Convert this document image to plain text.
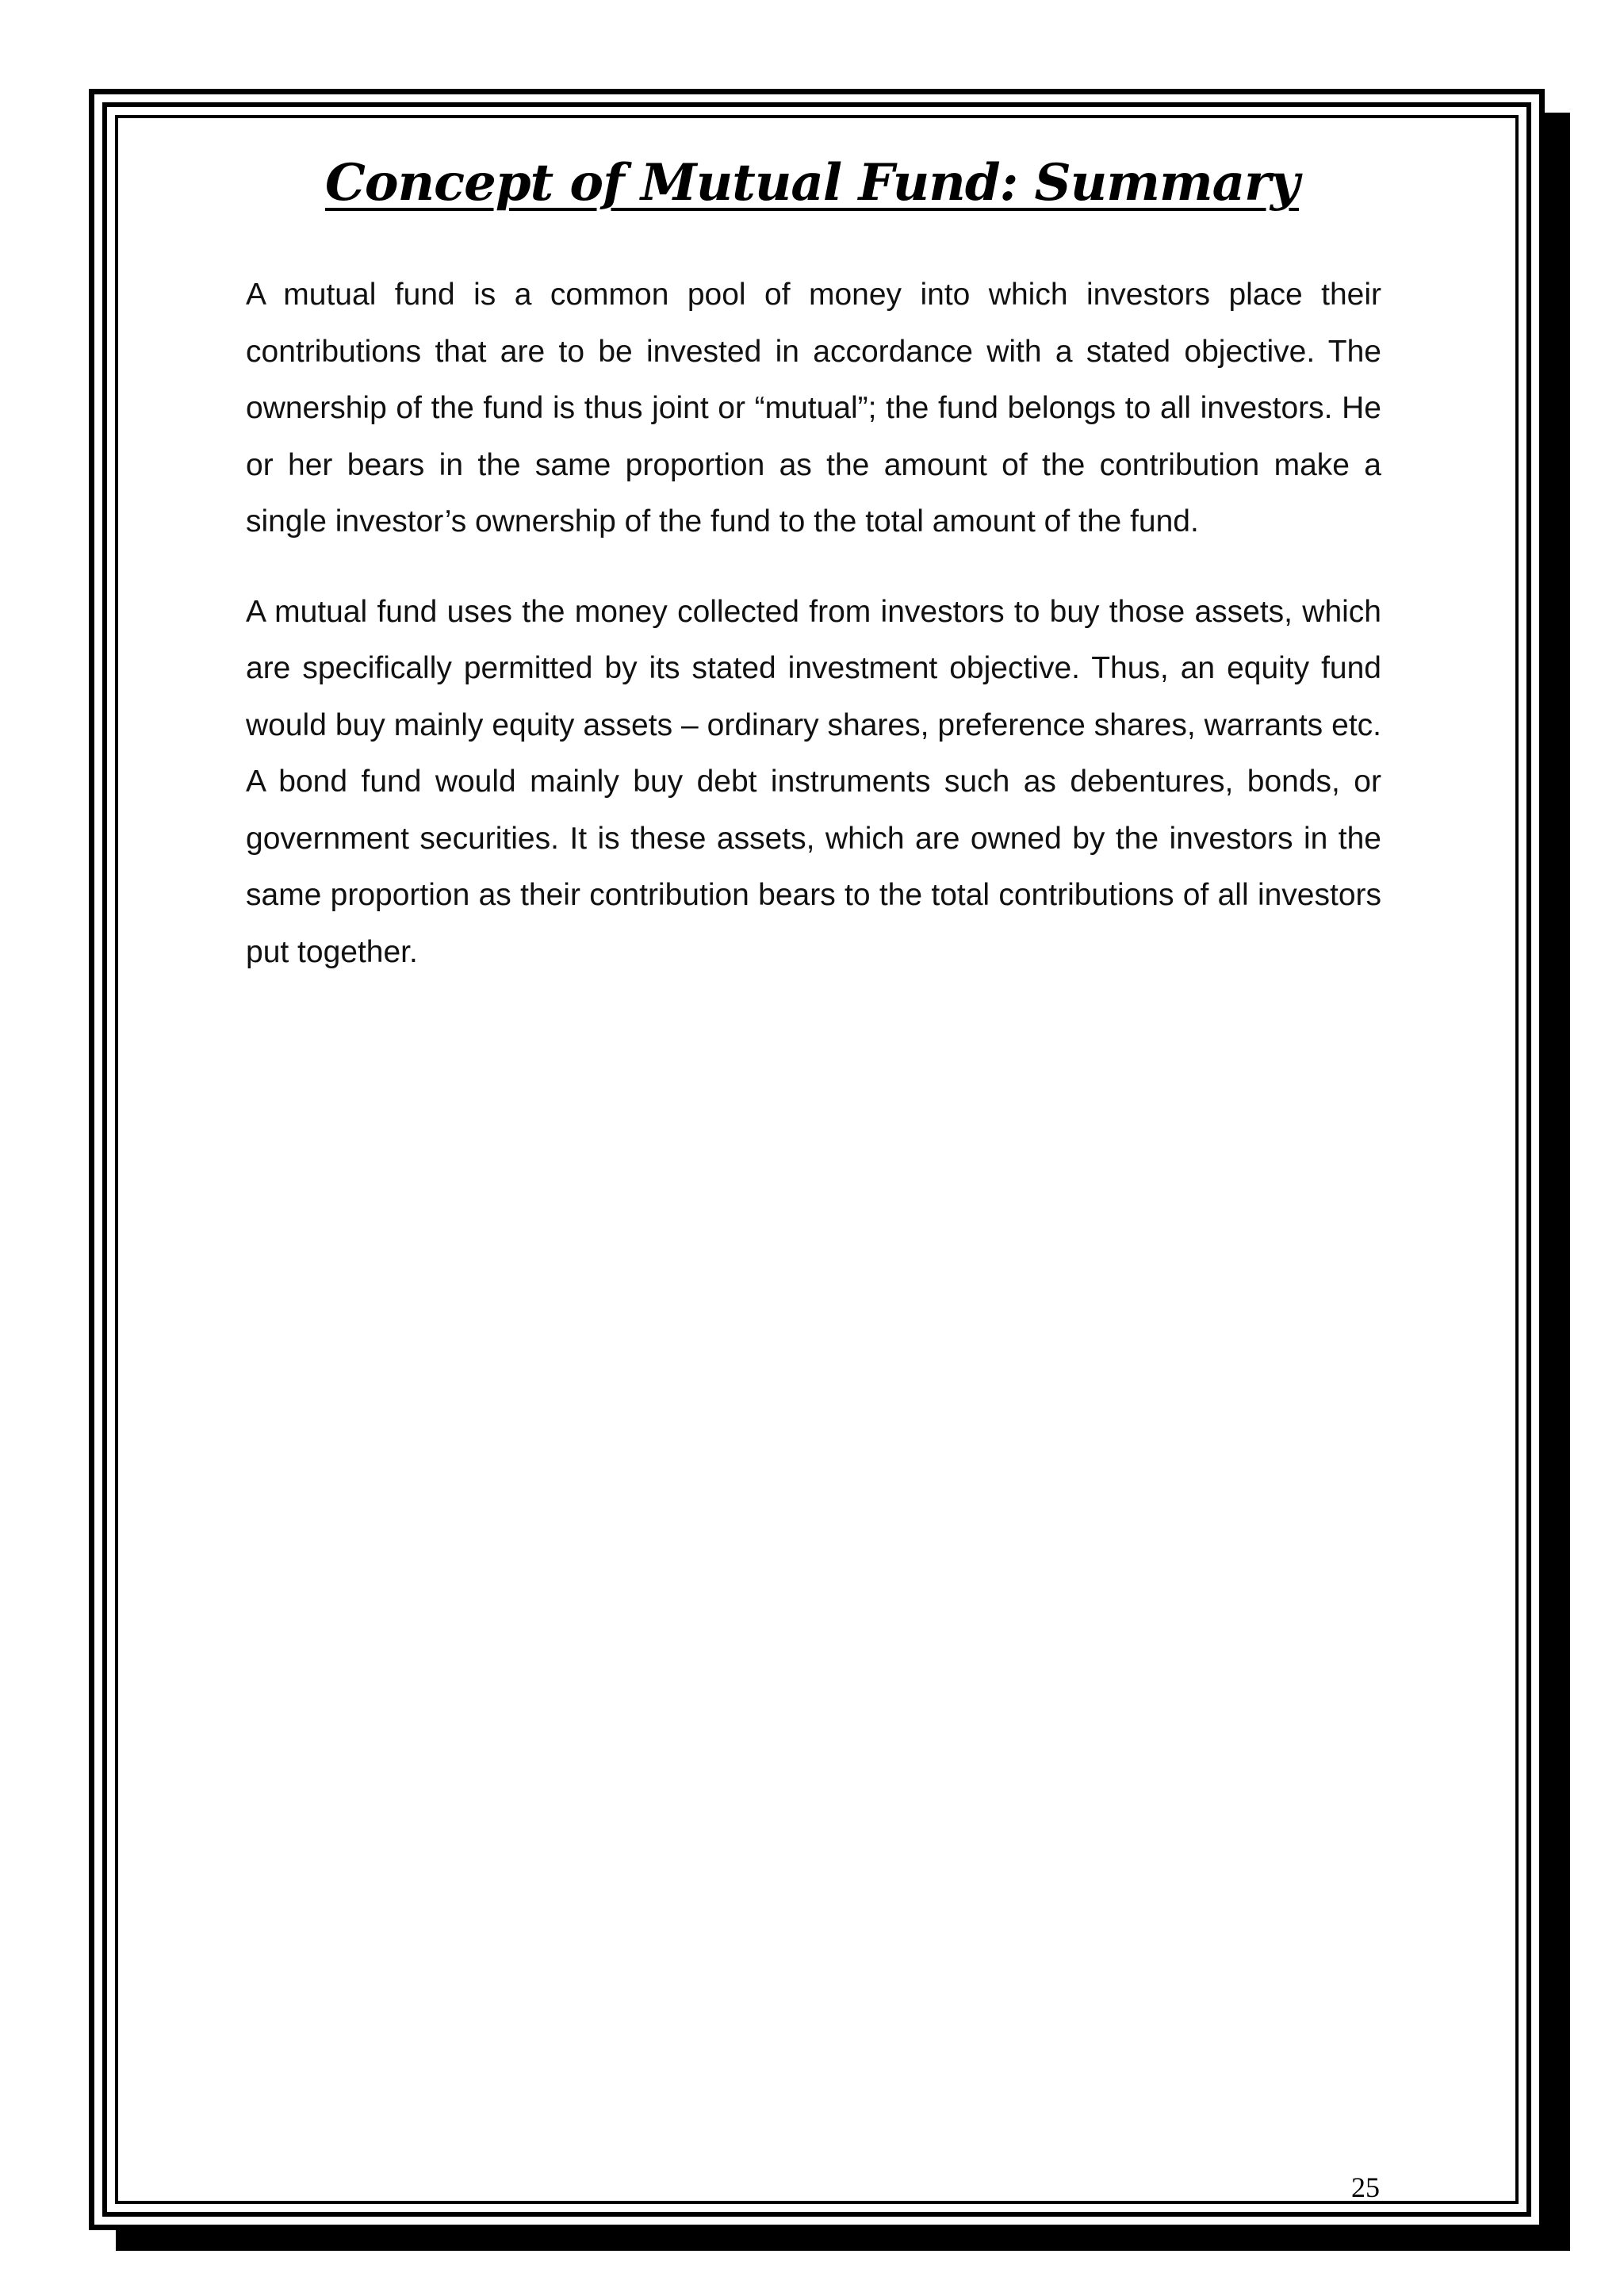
Concept of Mutual Fund: Summary

A mutual fund is a common pool of money into which investors place their contributions that are to be invested in accordance with a stated objective. The ownership of the fund is thus joint or “mutual”; the fund belongs to all investors. He or her bears in the same proportion as the amount of the contribution make a single investor’s ownership of the fund to the total amount of the fund.

A mutual fund uses the money collected from investors to buy those assets, which are specifically permitted by its stated investment objective. Thus, an equity fund would buy mainly equity assets – ordinary shares, preference shares, warrants etc. A bond fund would mainly buy debt instruments such as debentures, bonds, or government securities. It is these assets, which are owned by the investors in the same proportion as their contribution bears to the total contributions of all investors put together.

25
